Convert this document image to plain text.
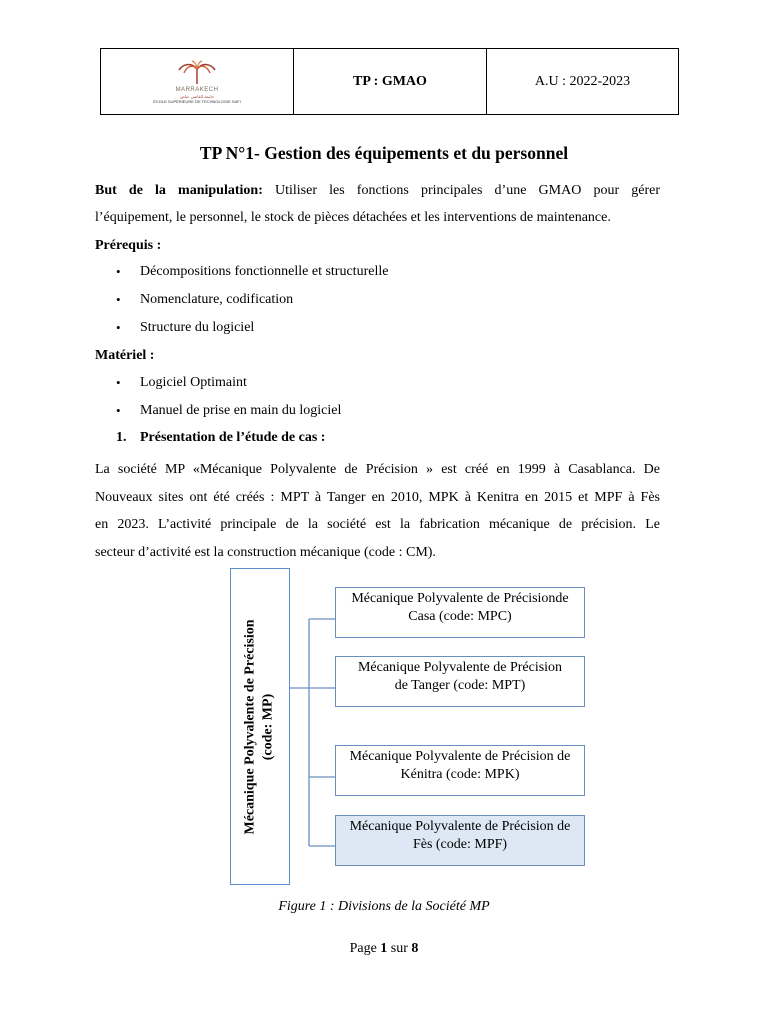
MARRAKECH
جامعة القاضي عياض
ÉCOLE SUPÉRIEURE DE TECHNOLOGIE SAFI
TP : GMAO	A.U : 2022-2023
TP N°1- Gestion des équipements et du personnel
But de la manipulation: Utiliser les fonctions principales d’une GMAO pour gérer
l’équipement, le personnel, le stock de pièces détachées et les interventions de maintenance.
Prérequis :
• Décompositions fonctionnelle et structurelle
• Nomenclature, codification
• Structure du logiciel
Matériel :
• Logiciel Optimaint
• Manuel de prise en main du logiciel
1. Présentation de l’étude de cas :
La société MP «Mécanique Polyvalente de Précision » est créé en 1999 à Casablanca. De
Nouveaux sites ont été créés : MPT à Tanger en 2010, MPK à Kenitra en 2015 et MPF à Fès
en 2023. L’activité principale de la société est la fabrication mécanique de précision. Le
secteur d’activité est la construction mécanique (code : CM).
Mécanique Polyvalente de Précision (code: MP)
Mécanique Polyvalente de Précisionde
Casa (code: MPC)
Mécanique Polyvalente de Précision
de Tanger (code: MPT)
Mécanique Polyvalente de Précision de
Kénitra (code: MPK)
Mécanique Polyvalente de Précision de
Fès (code: MPF)
Figure 1 : Divisions de la Société MP
Page 1 sur 8
